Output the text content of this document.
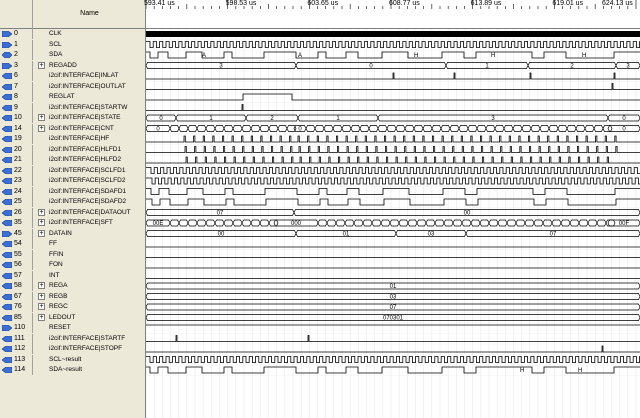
Name
0	CLK
1	SCL
2	SDA
3	+ REGADD
6	i2cif:INTERFACE|INLAT
7	i2cif:INTERFACE|OUTLAT
8	REGLAT
9	i2cif:INTERFACE|STARTW
10	+ i2cif:INTERFACE|STATE
14	+ i2cif:INTERFACE|CNT
19	i2cif:INTERFACE|HF
20	i2cif:INTERFACE|HLFD1
21	i2cif:INTERFACE|HLFD2
22	i2cif:INTERFACE|SCLFD1
23	i2cif:INTERFACE|SCLFD2
24	i2cif:INTERFACE|SDAFD1
25	i2cif:INTERFACE|SDAFD2
26	+ i2cif:INTERFACE|DATAOUT
35	+ i2cif:INTERFACE|SFT
45	+ DATAIN
54	FF
55	FFIN
56	FON
57	INT
58	+ REGA
67	+ REGB
76	+ REGC
85	+ LEDOUT
110	RESET
111	i2cif:INTERFACE|STARTF
112	i2cif:INTERFACE|STOPF
113	SCL~result
114	SDA~result
593.41 us	598.53 us	603.65 us	608.77 us	613.89 us	619.01 us	624.13 us
3	0	1	2	3
0	1	2	1	3	0
0	0	0
07	00
00E	000	00F
00	01	03	07
01
03
07
070301
H	H
A	A	H	H	H
